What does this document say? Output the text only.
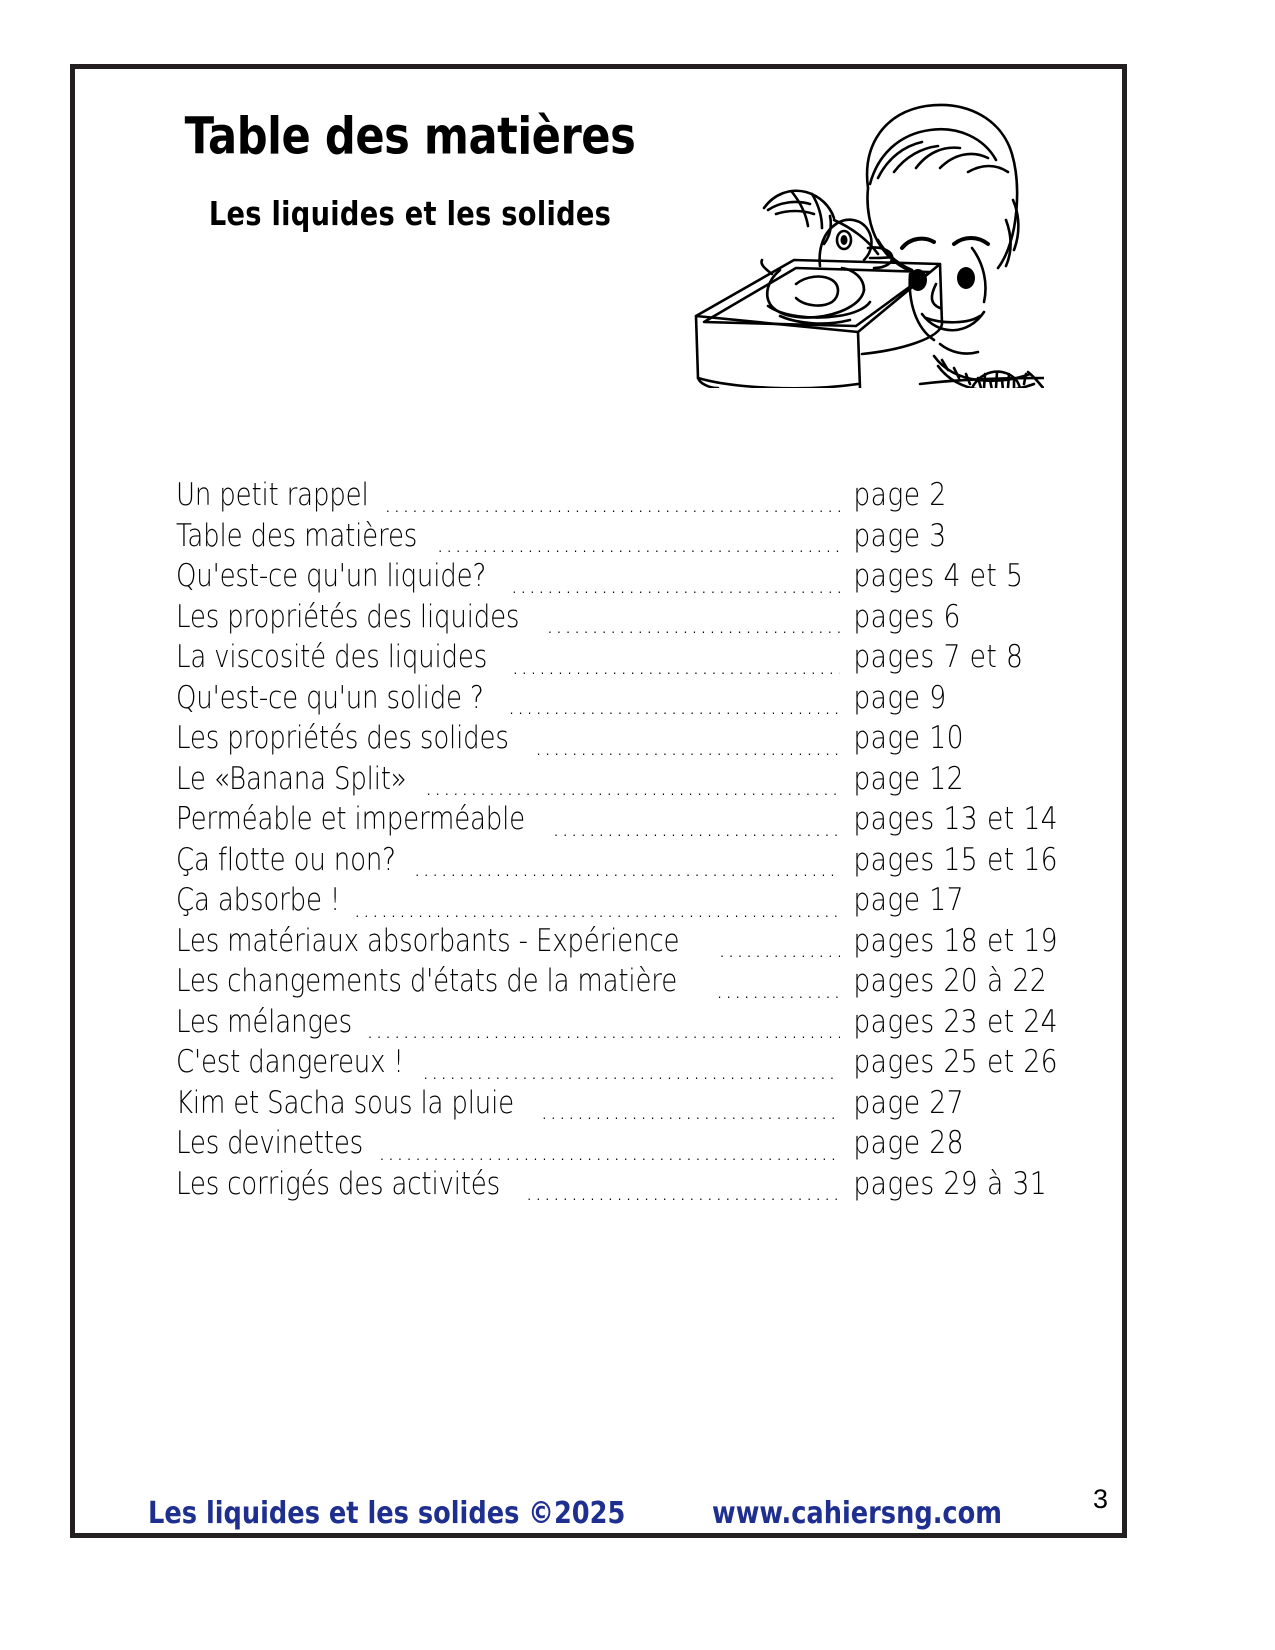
Table des matières
Les liquides et les solides
Un petit rappel .....	page 2
Table des matières .....	page 3
Qu'est-ce qu'un liquide? .....	pages 4 et 5
Les propriétés des liquides .....	pages 6
La viscosité des liquides .....	pages 7 et 8
Qu'est-ce qu'un solide ? .....	page 9
Les propriétés des solides .....	page 10
Le «Banana Split» .....	page 12
Perméable et imperméable .....	pages 13 et 14
Ça flotte ou non? .....	pages 15 et 16
Ça absorbe ! .....	page 17
Les matériaux absorbants - Expérience .....	pages 18 et 19
Les changements d'états de la matière .....	pages 20 à 22
Les mélanges .....	pages 23 et 24
C'est dangereux ! .....	pages 25 et 26
Kim et Sacha sous la pluie .....	page 27
Les devinettes .....	page 28
Les corrigés des activités .....	pages 29 à 31
Les liquides et les solides ©2025	www.cahiersng.com	3
